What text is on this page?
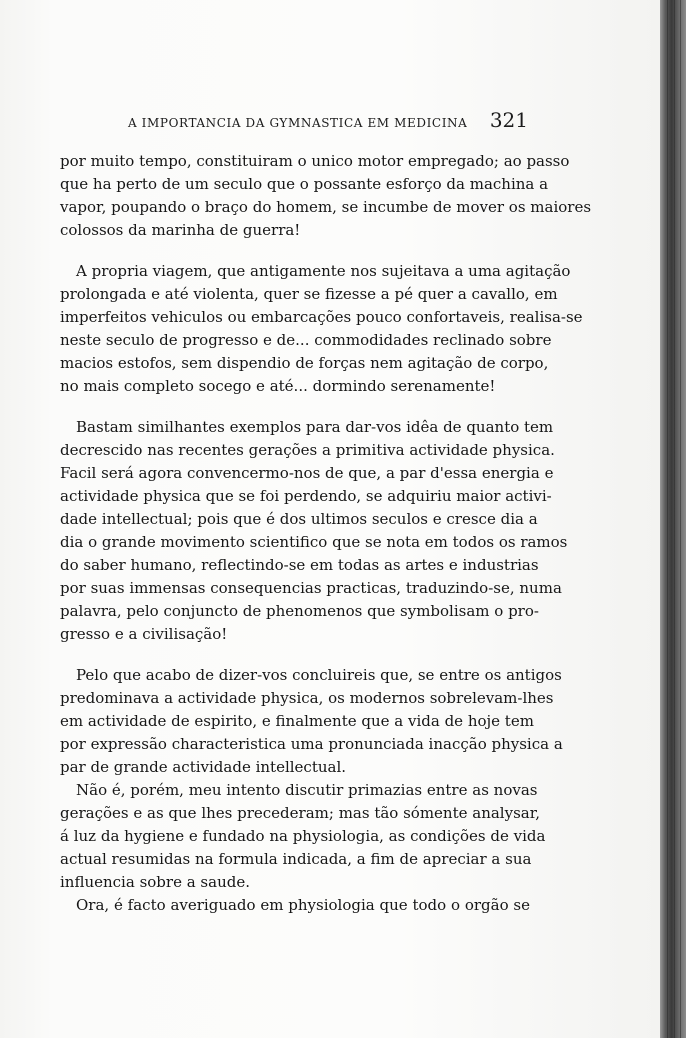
A IMPORTANCIA DA GYMNASTICA EM MEDICINA 321

por muito tempo, constituiram o unico motor empregado; ao passo
que ha perto de um seculo que o possante esforço da machina a
vapor, poupando o braço do homem, se incumbe de mover os maiores
colossos da marinha de guerra!

A propria viagem, que antigamente nos sujeitava a uma agitação
prolongada e até violenta, quer se fizesse a pé quer a cavallo, em
imperfeitos vehiculos ou embarcações pouco confortaveis, realisa-se
neste seculo de progresso e de... commodidades reclinado sobre
macios estofos, sem dispendio de forças nem agitação de corpo,
no mais completo socego e até... dormindo serenamente!

Bastam similhantes exemplos para dar-vos idêa de quanto tem
decrescido nas recentes gerações a primitiva actividade physica.
Facil será agora convencermo-nos de que, a par d'essa energia e
actividade physica que se foi perdendo, se adquiriu maior activi-
dade intellectual; pois que é dos ultimos seculos e cresce dia a
dia o grande movimento scientifico que se nota em todos os ramos
do saber humano, reflectindo-se em todas as artes e industrias
por suas immensas consequencias practicas, traduzindo-se, numa
palavra, pelo conjuncto de phenomenos que symbolisam o pro-
gresso e a civilisação!

Pelo que acabo de dizer-vos concluireis que, se entre os antigos
predominava a actividade physica, os modernos sobrelevam-lhes
em actividade de espirito, e finalmente que a vida de hoje tem
por expressão characteristica uma pronunciada inacção physica a
par de grande actividade intellectual.

Não é, porém, meu intento discutir primazias entre as novas
gerações e as que lhes precederam; mas tão sómente analysar,
á luz da hygiene e fundado na physiologia, as condições de vida
actual resumidas na formula indicada, a fim de apreciar a sua
influencia sobre a saude.

Ora, é facto averiguado em physiologia que todo o orgão se
